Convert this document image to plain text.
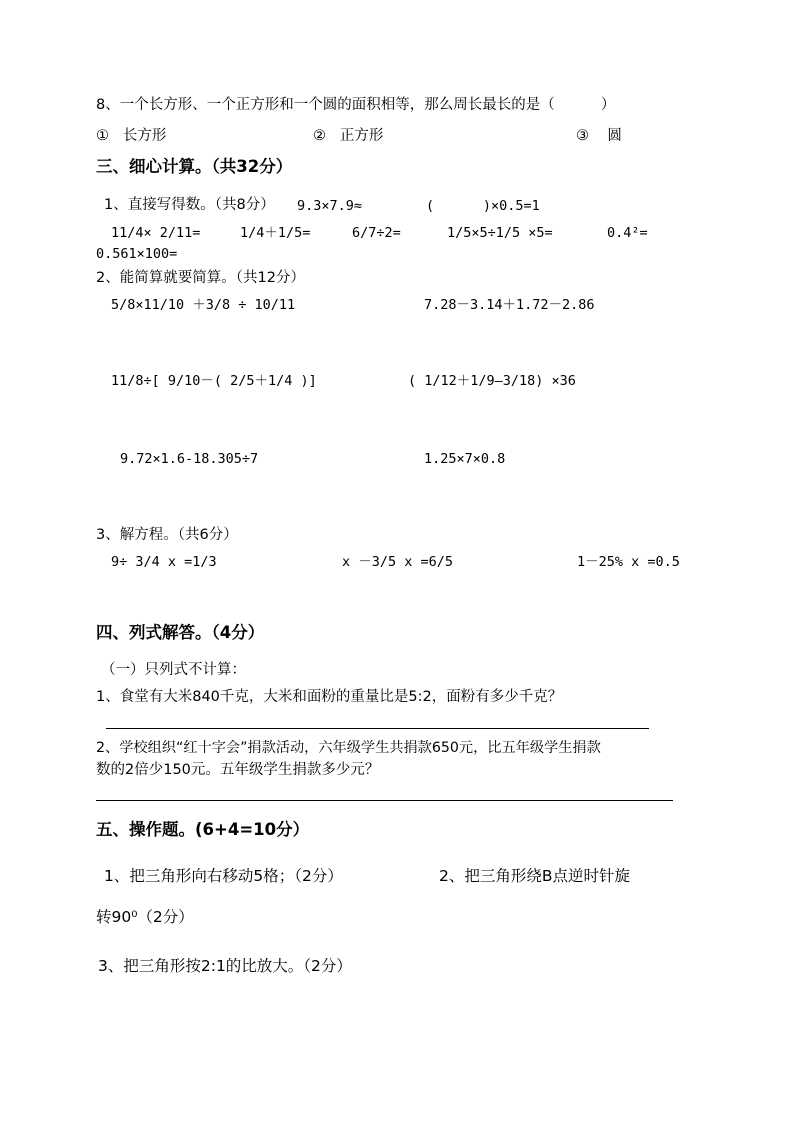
8、一个长方形、一个正方形和一个圆的面积相等，那么周长最长的是（          ）
①   长方形	②   正方形	③    圆
三、细心计算。（共32分）
1、直接写得数。（共8分） 9.3×7.9≈	(      )×0.5=1
11/4× 2/11=	1/4＋1/5=	6/7÷2=	1/5×5÷1/5 ×5=	0.4²=
0.561×100=
2、能简算就要简算。（共12分）
5/8×11/10 ＋3/8 ÷ 10/11	7.28－3.14＋1.72－2.86
11/8÷[ 9/10－( 2/5＋1/4 )]	( 1/12＋1/9—3/18) ×36
9.72×1.6-18.305÷7	1.25×7×0.8
3、解方程。（共6分）
9÷ 3/4 x =1/3	x －3/5 x =6/5	1－25% x =0.5
四、列式解答。（4分）
（一）只列式不计算：
1、食堂有大米840千克，大米和面粉的重量比是5:2，面粉有多少千克？
2、学校组织“红十字会”捐款活动，六年级学生共捐款650元，比五年级学生捐款
数的2倍少150元。五年级学生捐款多少元？
五、操作题。(6+4=10分）
1、把三角形向右移动5格；（2分）	2、把三角形绕B点逆时针旋
转90⁰（2分）
3、把三角形按2:1的比放大。（2分）
